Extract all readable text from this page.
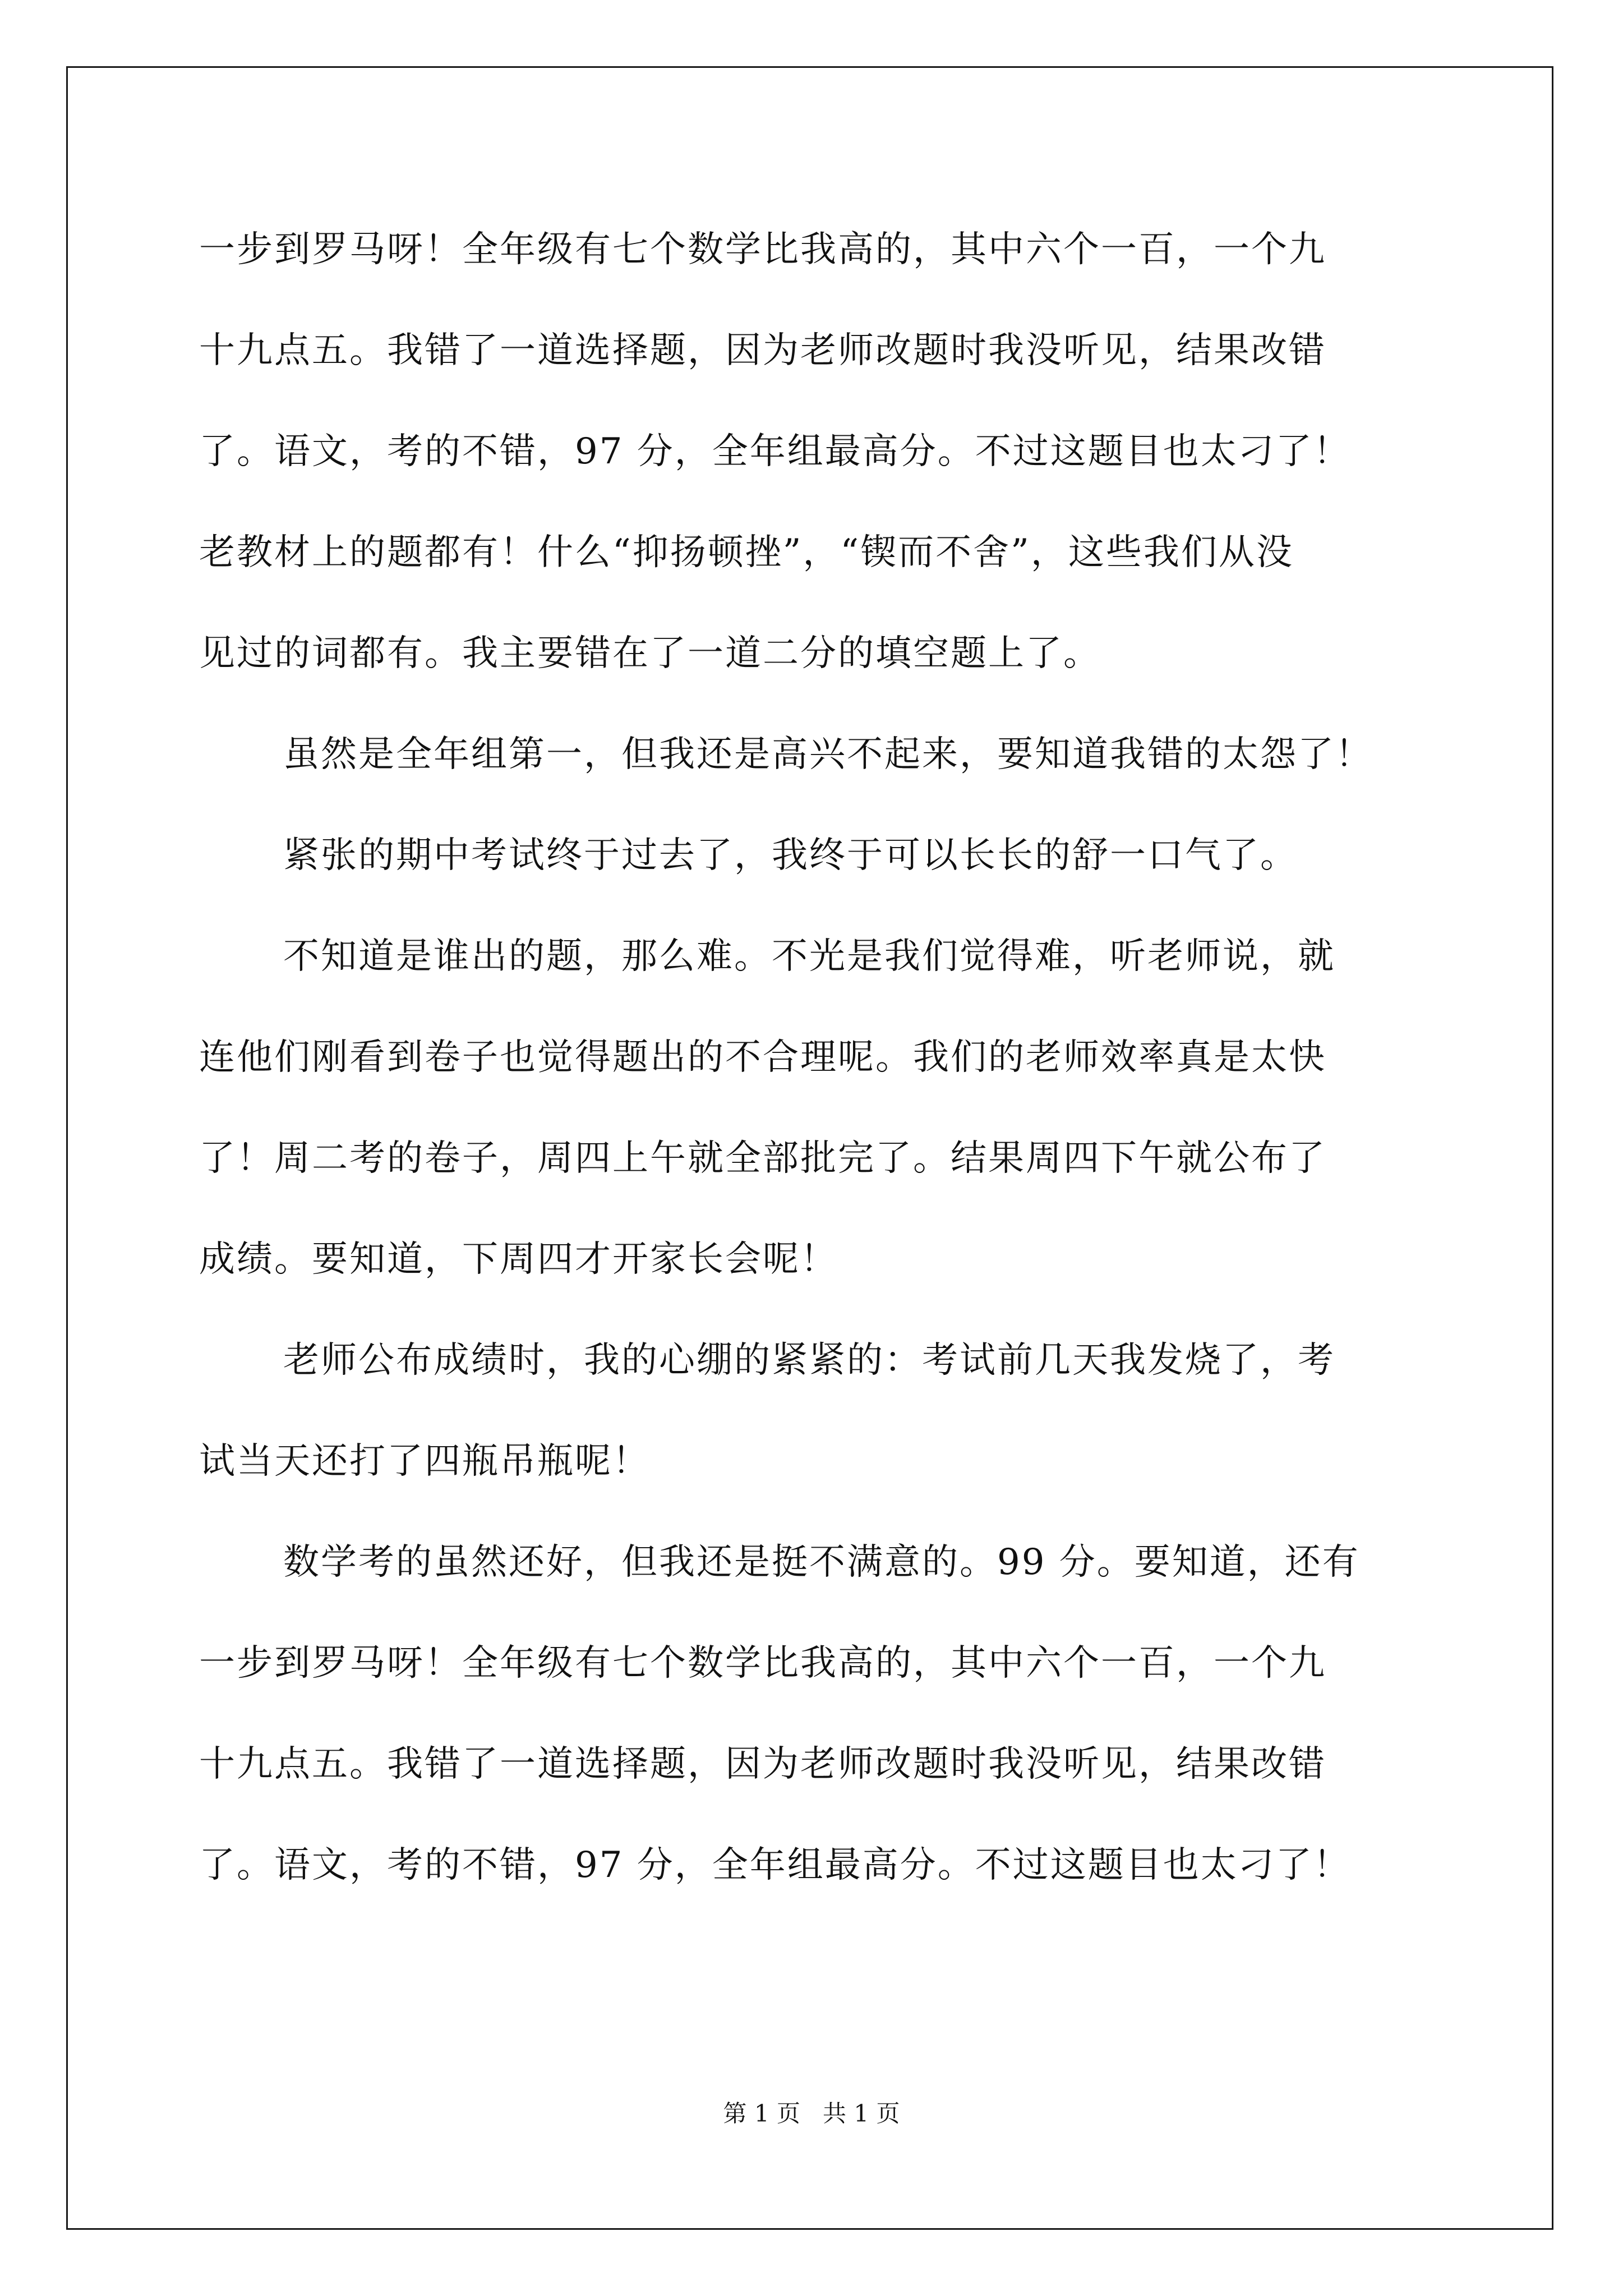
一步到罗马呀！全年级有七个数学比我高的，其中六个一百，一个九
十九点五。我错了一道选择题，因为老师改题时我没听见，结果改错
了。语文，考的不错，97 分，全年组最高分。不过这题目也太刁了！
老教材上的题都有！什么“抑扬顿挫”，“锲而不舍”，这些我们从没
见过的词都有。我主要错在了一道二分的填空题上了。
虽然是全年组第一，但我还是高兴不起来，要知道我错的太怨了！
紧张的期中考试终于过去了，我终于可以长长的舒一口气了。
不知道是谁出的题，那么难。不光是我们觉得难，听老师说，就
连他们刚看到卷子也觉得题出的不合理呢。我们的老师效率真是太快
了！周二考的卷子，周四上午就全部批完了。结果周四下午就公布了
成绩。要知道，下周四才开家长会呢！
老师公布成绩时，我的心绷的紧紧的：考试前几天我发烧了，考
试当天还打了四瓶吊瓶呢！
数学考的虽然还好，但我还是挺不满意的。99 分。要知道，还有
一步到罗马呀！全年级有七个数学比我高的，其中六个一百，一个九
十九点五。我错了一道选择题，因为老师改题时我没听见，结果改错
了。语文，考的不错，97 分，全年组最高分。不过这题目也太刁了！
第 1 页   共 1 页
